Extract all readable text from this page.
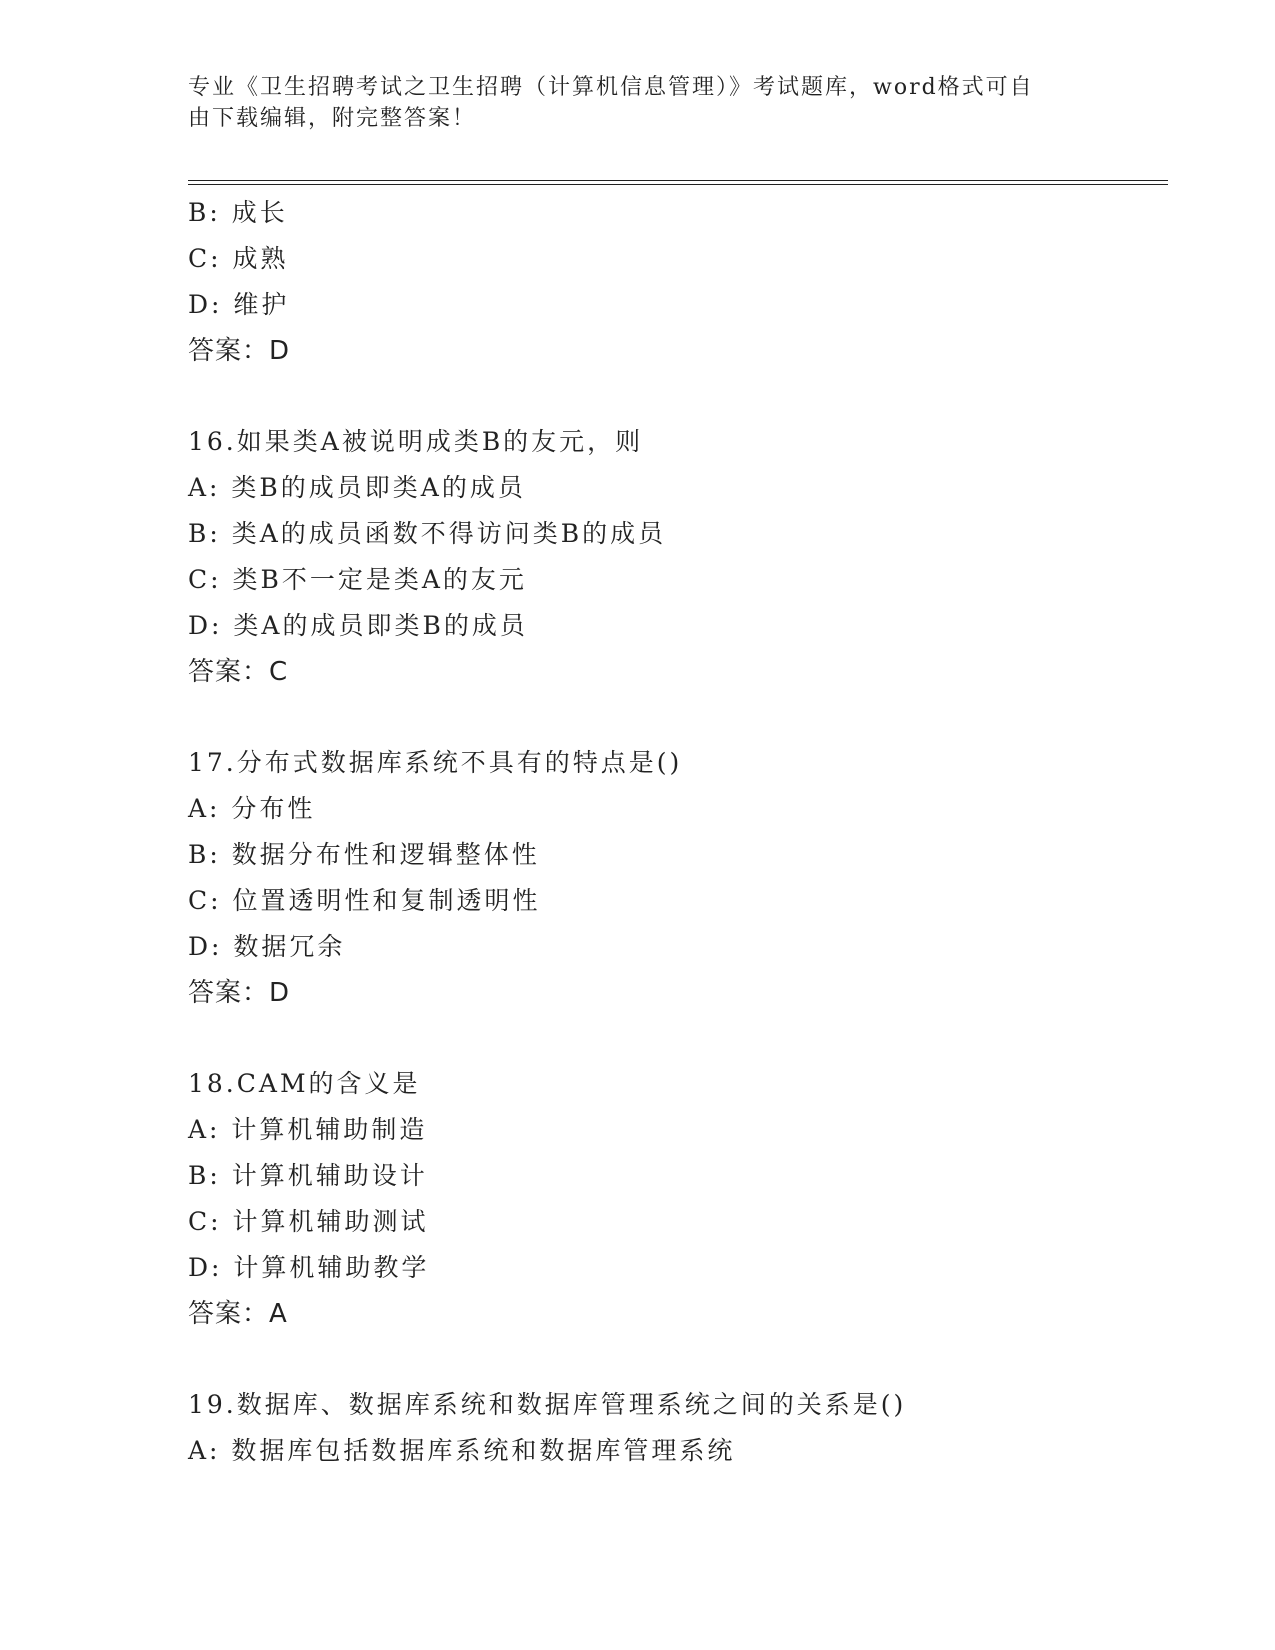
专业《卫生招聘考试之卫生招聘（计算机信息管理）》考试题库，word格式可自
由下载编辑，附完整答案！
B: 成长
C: 成熟
D: 维护
答案：D
16.如果类A被说明成类B的友元，则
A: 类B的成员即类A的成员
B: 类A的成员函数不得访问类B的成员
C: 类B不一定是类A的友元
D: 类A的成员即类B的成员
答案：C
17.分布式数据库系统不具有的特点是()
A: 分布性
B: 数据分布性和逻辑整体性
C: 位置透明性和复制透明性
D: 数据冗余
答案：D
18.CAM的含义是
A: 计算机辅助制造
B: 计算机辅助设计
C: 计算机辅助测试
D: 计算机辅助教学
答案：A
19.数据库、数据库系统和数据库管理系统之间的关系是()
A: 数据库包括数据库系统和数据库管理系统
